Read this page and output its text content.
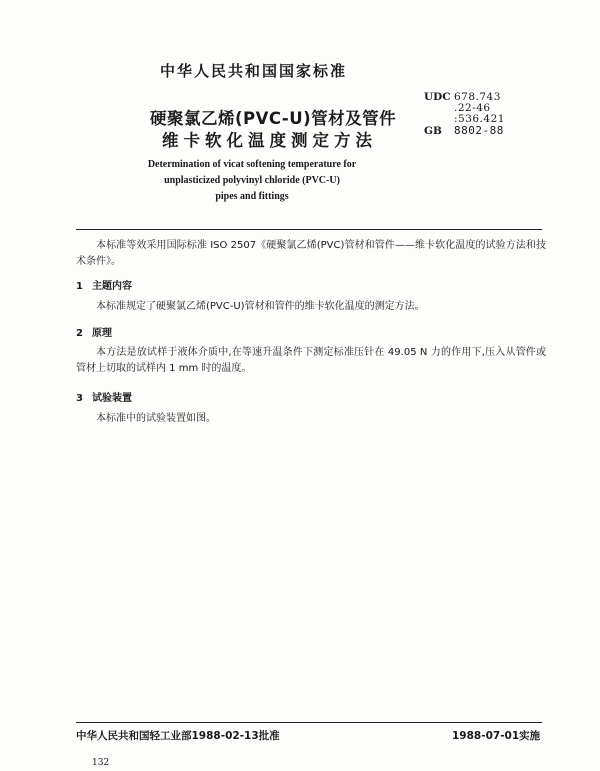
中华人民共和国国家标准
硬聚氯乙烯(PVC-U)管材及管件
维卡软化温度测定方法
UDC 678.743
.22-46
:536.421
GB 8802-88
Determination of vicat softening temperature for
unplasticized polyvinyl chloride (PVC-U)
pipes and fittings
本标准等效采用国际标准 ISO 2507《硬聚氯乙烯(PVC)管材和管件——维卡软化温度的试验方法和技术条件》。
1 主题内容
本标准规定了硬聚氯乙烯(PVC-U)管材和管件的维卡软化温度的测定方法。
2 原理
本方法是放试样于液体介质中,在等速升温条件下测定标准压针在 49.05 N 力的作用下,压入从管件或管材上切取的试样内 1 mm 时的温度。
3 试验装置
本标准中的试验装置如图。
中华人民共和国轻工业部1988-02-13批准	1988-07-01实施
132
